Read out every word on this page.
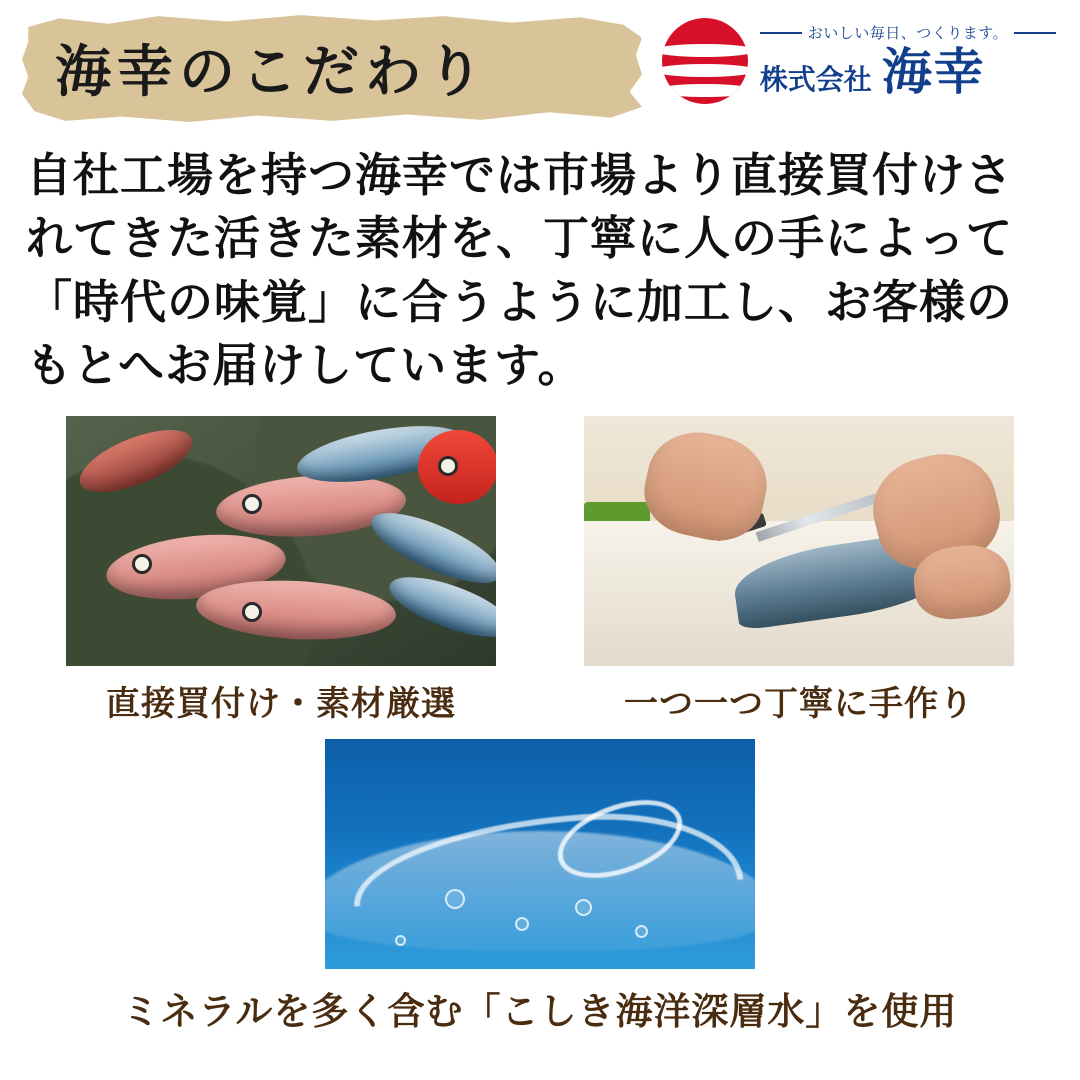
海幸のこだわり
おいしい毎日、つくります。
株式会社 海幸

自社工場を持つ海幸では市場より直接買付けされてきた活きた素材を、丁寧に人の手によって「時代の味覚」に合うように加工し、お客様のもとへお届けしています。

直接買付け・素材厳選	一つ一つ丁寧に手作り
ミネラルを多く含む「こしき海洋深層水」を使用
